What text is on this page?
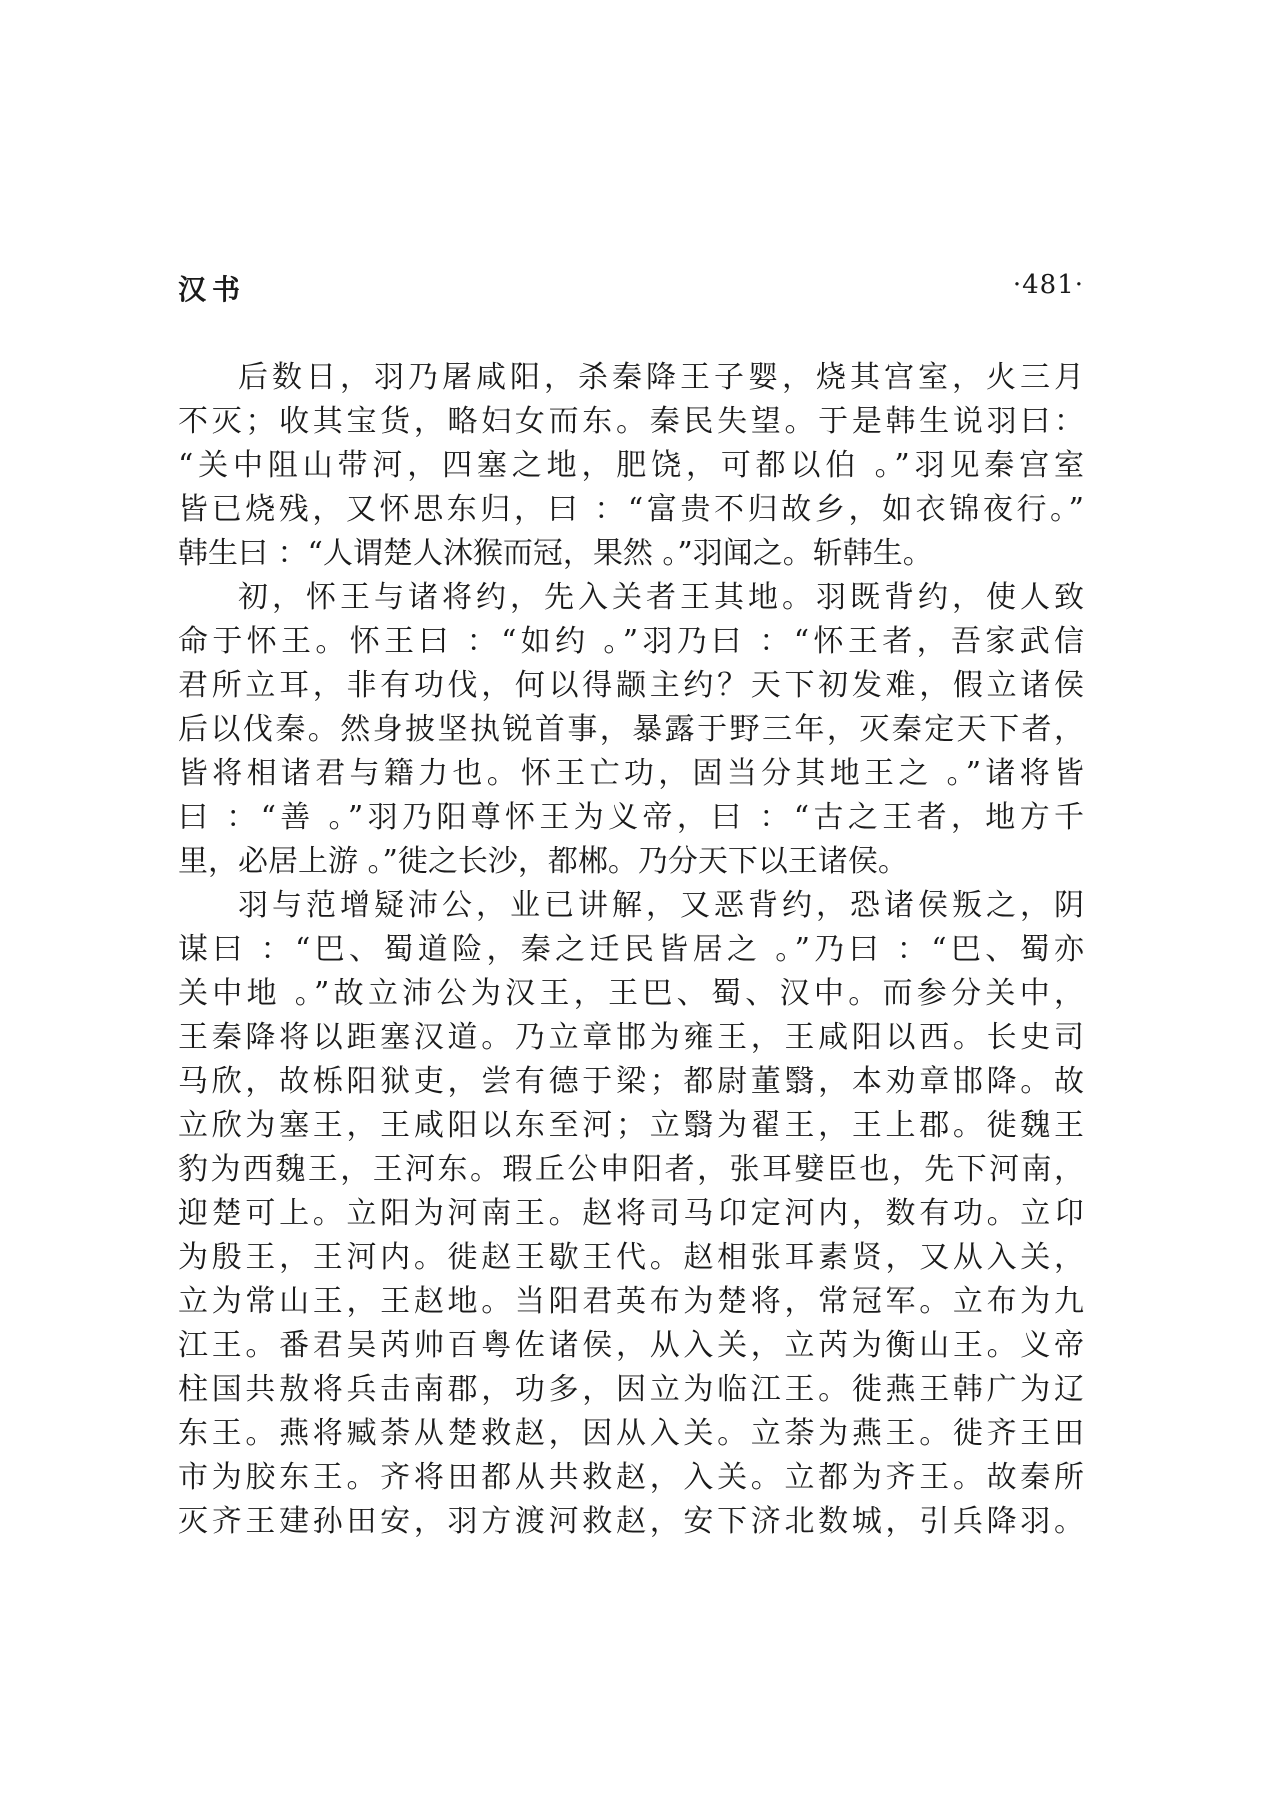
汉书	·481·
后数日，羽乃屠咸阳，杀秦降王子婴，烧其宫室，火三月
不灭；收其宝货，略妇女而东。秦民失望。于是韩生说羽曰：
“关中阻山带河，四塞之地，肥饶，可都以伯 。”羽见秦宫室
皆已烧残，又怀思东归，曰 ：“富贵不归故乡，如衣锦夜行。”
韩生曰 ：“人谓楚人沐猴而冠，果然 。”羽闻之。斩韩生。
初，怀王与诸将约，先入关者王其地。羽既背约，使人致
命于怀王。怀王曰 ：“如约 。”羽乃曰 ：“怀王者，吾家武信
君所立耳，非有功伐，何以得颛主约？天下初发难，假立诸侯
后以伐秦。然身披坚执锐首事，暴露于野三年，灭秦定天下者，
皆将相诸君与籍力也。怀王亡功，固当分其地王之 。”诸将皆
曰 ：“善 。”羽乃阳尊怀王为义帝，曰 ：“古之王者，地方千
里，必居上游 。”徙之长沙，都郴。乃分天下以王诸侯。
羽与范增疑沛公，业已讲解，又恶背约，恐诸侯叛之，阴
谋曰 ：“巴、蜀道险，秦之迁民皆居之 。”乃曰 ：“巴、蜀亦
关中地 。”故立沛公为汉王，王巴、蜀、汉中。而参分关中，
王秦降将以距塞汉道。乃立章邯为雍王，王咸阳以西。长史司
马欣，故栎阳狱吏，尝有德于梁；都尉董翳，本劝章邯降。故
立欣为塞王，王咸阳以东至河；立翳为翟王，王上郡。徙魏王
豹为西魏王，王河东。瑕丘公申阳者，张耳嬖臣也，先下河南，
迎楚可上。立阳为河南王。赵将司马卬定河内，数有功。立卬
为殷王，王河内。徙赵王歇王代。赵相张耳素贤，又从入关，
立为常山王，王赵地。当阳君英布为楚将，常冠军。立布为九
江王。番君吴芮帅百粤佐诸侯，从入关，立芮为衡山王。义帝
柱国共敖将兵击南郡，功多，因立为临江王。徙燕王韩广为辽
东王。燕将臧荼从楚救赵，因从入关。立荼为燕王。徙齐王田
市为胶东王。齐将田都从共救赵，入关。立都为齐王。故秦所
灭齐王建孙田安，羽方渡河救赵，安下济北数城，引兵降羽。
